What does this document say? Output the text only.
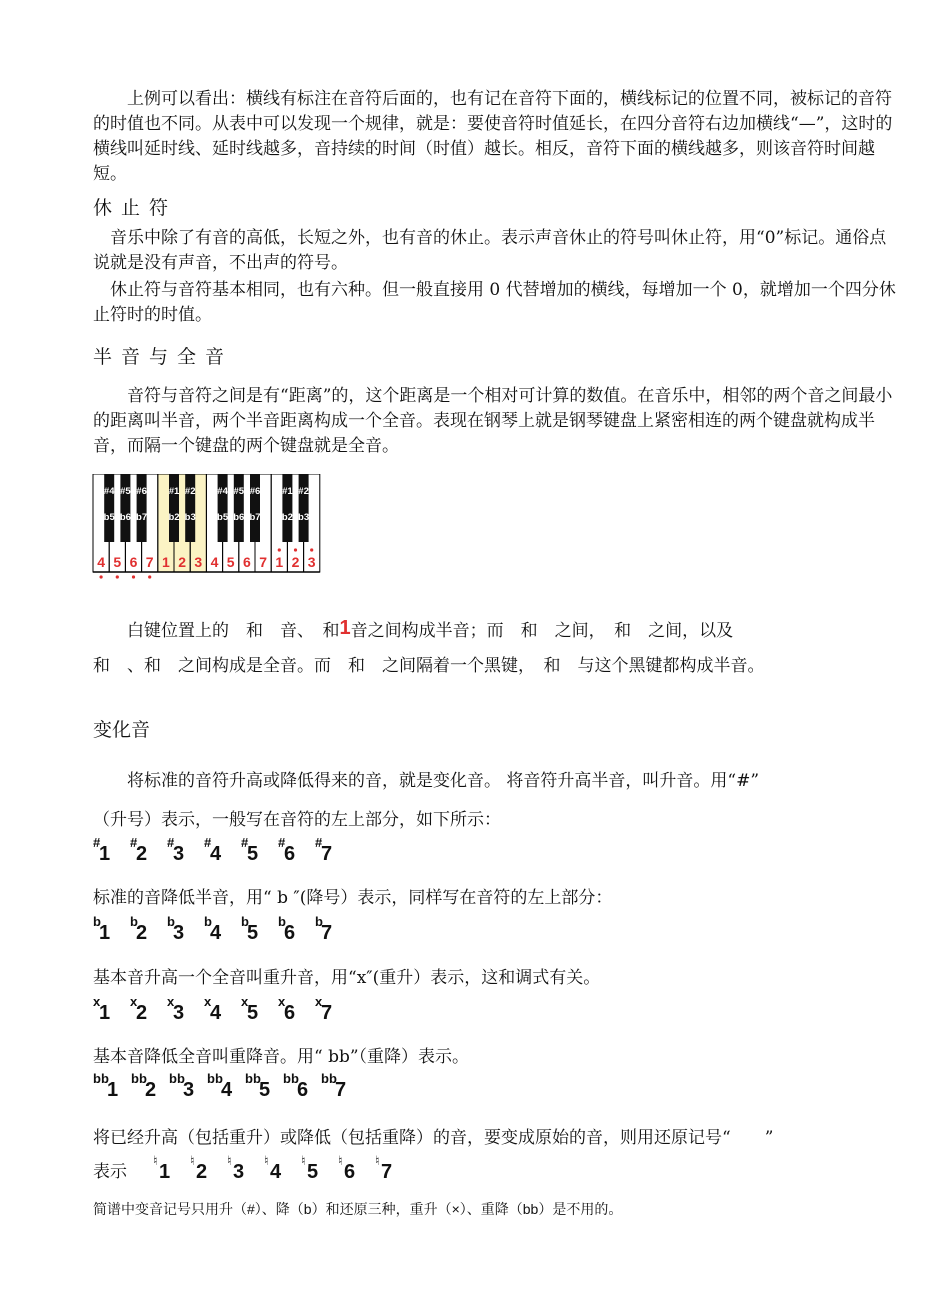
上例可以看出：横线有标注在音符后面的，也有记在音符下面的，横线标记的位置不同，被标记的音符的时值也不同。从表中可以发现一个规律，就是：要使音符时值延长，在四分音符右边加横线“—”，这时的横线叫延时线、延时线越多，音持续的时间（时值）越长。相反，音符下面的横线越多，则该音符时间越短。
休止符
音乐中除了有音的高低，长短之外，也有音的休止。表示声音休止的符号叫休止符，用“0”标记。通俗点说就是没有声音，不出声的符号。
休止符与音符基本相同，也有六种。但一般直接用 0 代替增加的横线，每增加一个 0，就增加一个四分休止符时的时值。
半音与全音
音符与音符之间是有“距离”的，这个距离是一个相对可计算的数值。在音乐中，相邻的两个音之间最小的距离叫半音，两个半音距离构成一个全音。表现在钢琴上就是钢琴键盘上紧密相连的两个键盘就构成半音，而隔一个键盘的两个键盘就是全音。
4 5 6 7 1 2 3 4 5 6 7 1 2 3
#4
b5
#5
b6
#6
b7
#1
b2
#2
b3
#4
b5
#5
b6
#6
b7
#1
b2
#2
b3
白键位置上的　和　音、　和1音之间构成半音；而　和　之间，　和　之间，以及
和　、和　之间构成是全音。而　和　之间隔着一个黑键，　和　与这个黑键都构成半音。
变化音
将标准的音符升高或降低得来的音，就是变化音。 将音符升高半音，叫升音。用“#”
（升号）表示，一般写在音符的左上部分，如下所示：
#
1
#
2
#
3
#
4
#
5
#
6
#
7
标准的音降低半音，用“ b ″(降号）表示，同样写在音符的左上部分：
b
1
b
2
b
3
b
4
b
5
b
6
b
7
基本音升高一个全音叫重升音，用“x″(重升）表示，这和调式有关。
x
1
x
2
x
3
x
4
x
5
x
6
x
7
基本音降低全音叫重降音。用“ bb”（重降）表示。
bb
1
bb
2
bb
3
bb
4
bb
5
bb
6
bb
7
将已经升高（包括重升）或降低（包括重降）的音，要变成原始的音，则用还原记号“　　”
表示
♮
1
♮
2
♮
3
♮
4
♮
5
♮
6
♮
7
简谱中变音记号只用升（#）、降（b）和还原三种，重升（×）、重降（bb）是不用的。
